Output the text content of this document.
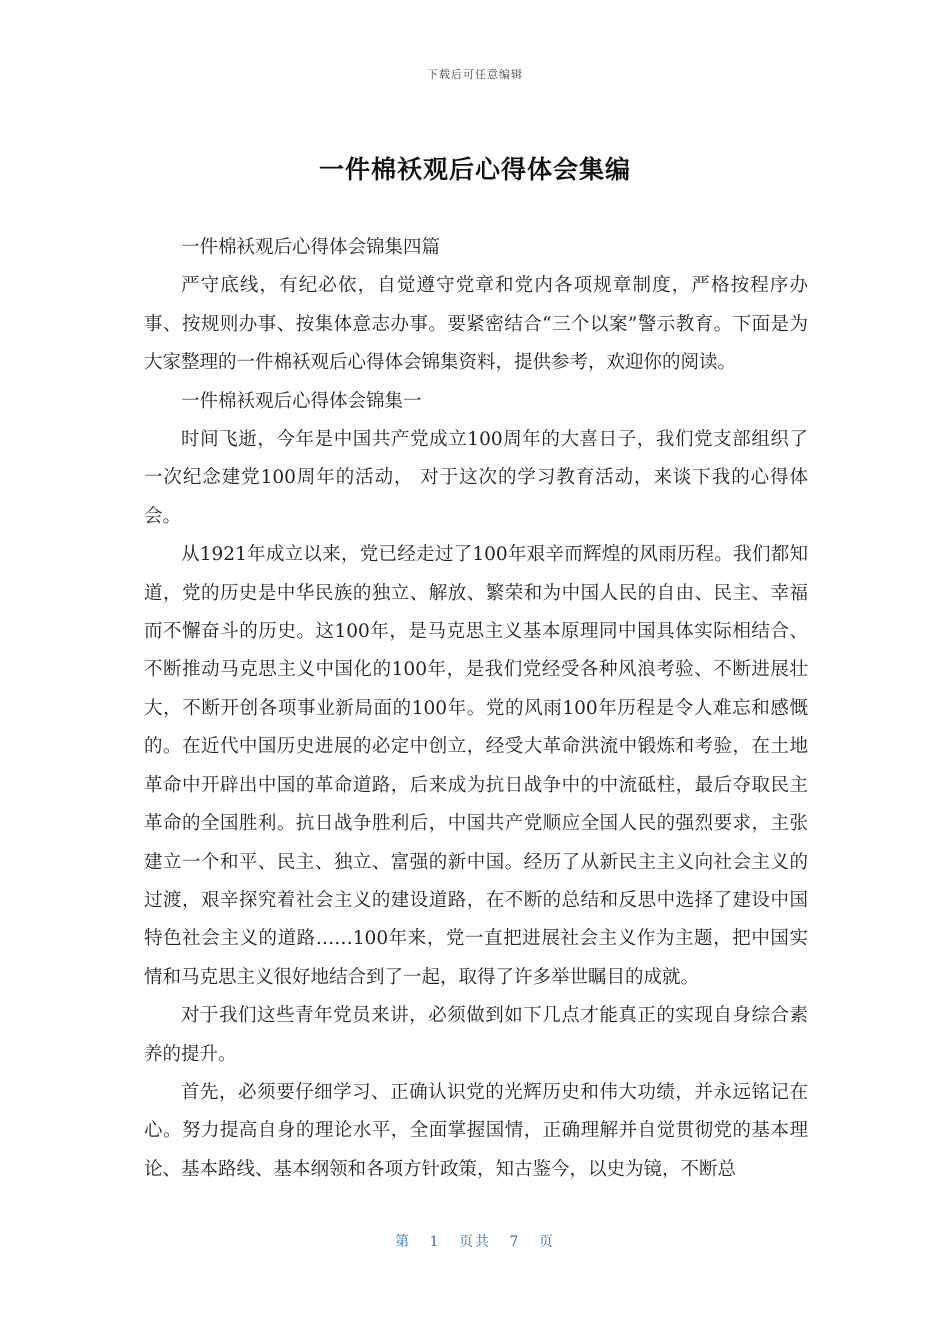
下载后可任意编辑
一件棉袄观后心得体会集编

一件棉袄观后心得体会锦集四篇

严守底线，有纪必依，自觉遵守党章和党内各项规章制度，严格按程序办事、按规则办事、按集体意志办事。要紧密结合“三个以案”警示教育。下面是为大家整理的一件棉袄观后心得体会锦集资料，提供参考，欢迎你的阅读。

一件棉袄观后心得体会锦集一

时间飞逝，今年是中国共产党成立100周年的大喜日子，我们党支部组织了一次纪念建党100周年的活动， 对于这次的学习教育活动，来谈下我的心得体会。

从1921年成立以来，党已经走过了100年艰辛而辉煌的风雨历程。我们都知道，党的历史是中华民族的独立、解放、繁荣和为中国人民的自由、民主、幸福而不懈奋斗的历史。这100年，是马克思主义基本原理同中国具体实际相结合、不断推动马克思主义中国化的100年，是我们党经受各种风浪考验、不断进展壮大，不断开创各项事业新局面的100年。党的风雨100年历程是令人难忘和感慨的。在近代中国历史进展的必定中创立，经受大革命洪流中锻炼和考验，在土地革命中开辟出中国的革命道路，后来成为抗日战争中的中流砥柱，最后夺取民主革命的全国胜利。抗日战争胜利后，中国共产党顺应全国人民的强烈要求，主张建立一个和平、民主、独立、富强的新中国。经历了从新民主主义向社会主义的过渡，艰辛探究着社会主义的建设道路，在不断的总结和反思中选择了建设中国特色社会主义的道路……100年来，党一直把进展社会主义作为主题，把中国实情和马克思主义很好地结合到了一起，取得了许多举世瞩目的成就。

对于我们这些青年党员来讲，必须做到如下几点才能真正的实现自身综合素养的提升。

首先，必须要仔细学习、正确认识党的光辉历史和伟大功绩，并永远铭记在心。努力提高自身的理论水平，全面掌握国情，正确理解并自觉贯彻党的基本理论、基本路线、基本纲领和各项方针政策，知古鉴今，以史为镜，不断总

第 1 页共 7 页
